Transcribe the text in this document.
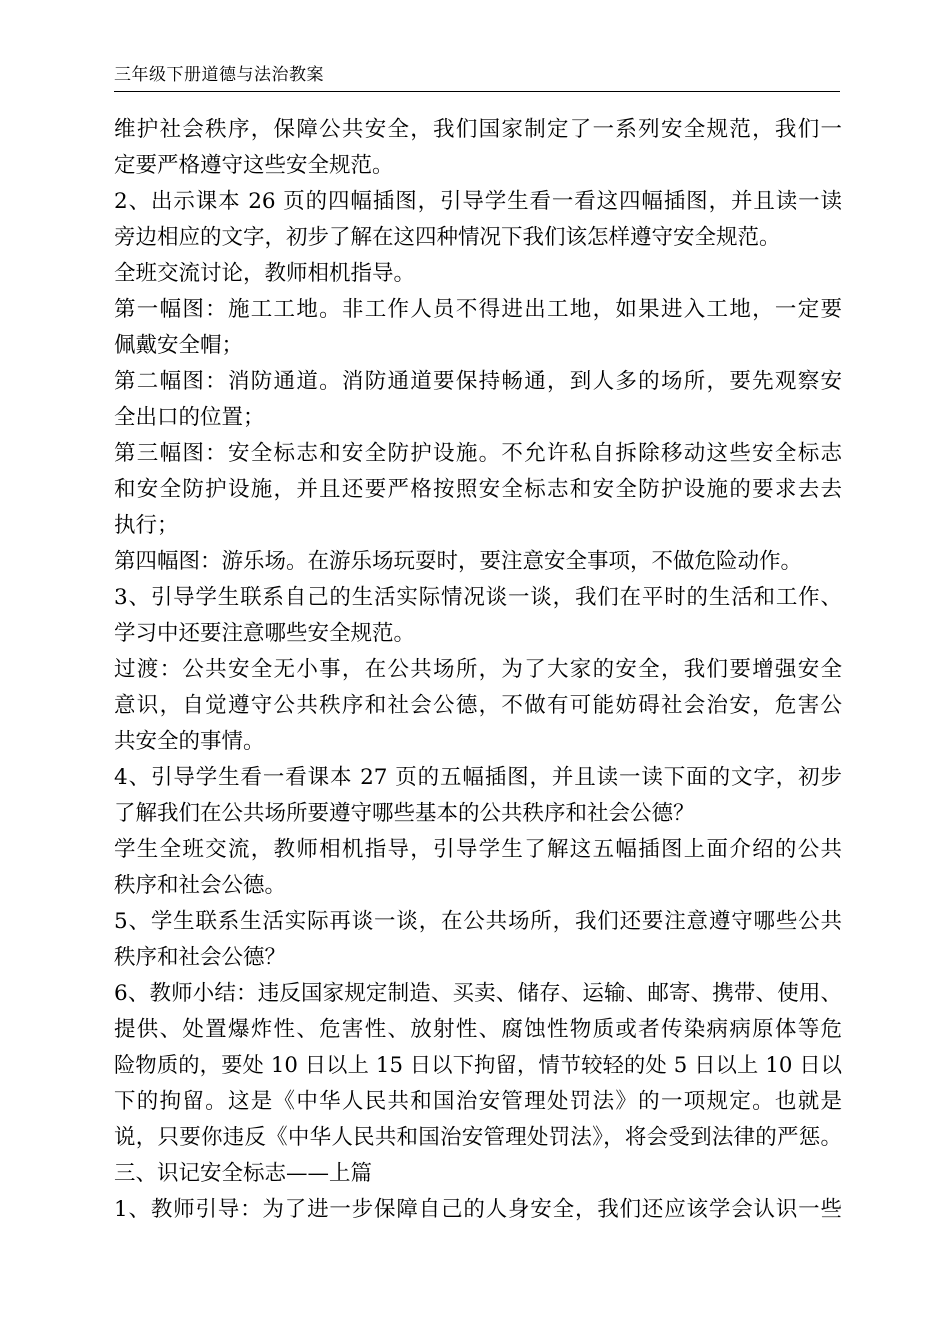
三年级下册道德与法治教案
维护社会秩序，保障公共安全，我们国家制定了一系列安全规范，我们一
定要严格遵守这些安全规范。
2、出示课本 26 页的四幅插图，引导学生看一看这四幅插图，并且读一读
旁边相应的文字，初步了解在这四种情况下我们该怎样遵守安全规范。
全班交流讨论，教师相机指导。
第一幅图：施工工地。非工作人员不得进出工地，如果进入工地，一定要
佩戴安全帽；
第二幅图：消防通道。消防通道要保持畅通，到人多的场所，要先观察安
全出口的位置；
第三幅图：安全标志和安全防护设施。不允许私自拆除移动这些安全标志
和安全防护设施，并且还要严格按照安全标志和安全防护设施的要求去去
执行；
第四幅图：游乐场。在游乐场玩耍时，要注意安全事项，不做危险动作。
3、引导学生联系自己的生活实际情况谈一谈，我们在平时的生活和工作、
学习中还要注意哪些安全规范。
过渡：公共安全无小事，在公共场所，为了大家的安全，我们要增强安全
意识，自觉遵守公共秩序和社会公德，不做有可能妨碍社会治安，危害公
共安全的事情。
4、引导学生看一看课本 27 页的五幅插图，并且读一读下面的文字，初步
了解我们在公共场所要遵守哪些基本的公共秩序和社会公德？
学生全班交流，教师相机指导，引导学生了解这五幅插图上面介绍的公共
秩序和社会公德。
5、学生联系生活实际再谈一谈，在公共场所，我们还要注意遵守哪些公共
秩序和社会公德？
6、教师小结：违反国家规定制造、买卖、储存、运输、邮寄、携带、使用、
提供、处置爆炸性、危害性、放射性、腐蚀性物质或者传染病病原体等危
险物质的，要处 10 日以上 15 日以下拘留，情节较轻的处 5 日以上 10 日以
下的拘留。这是《中华人民共和国治安管理处罚法》的一项规定。也就是
说，只要你违反《中华人民共和国治安管理处罚法》，将会受到法律的严惩。
三、识记安全标志——上篇
1、教师引导：为了进一步保障自己的人身安全，我们还应该学会认识一些
